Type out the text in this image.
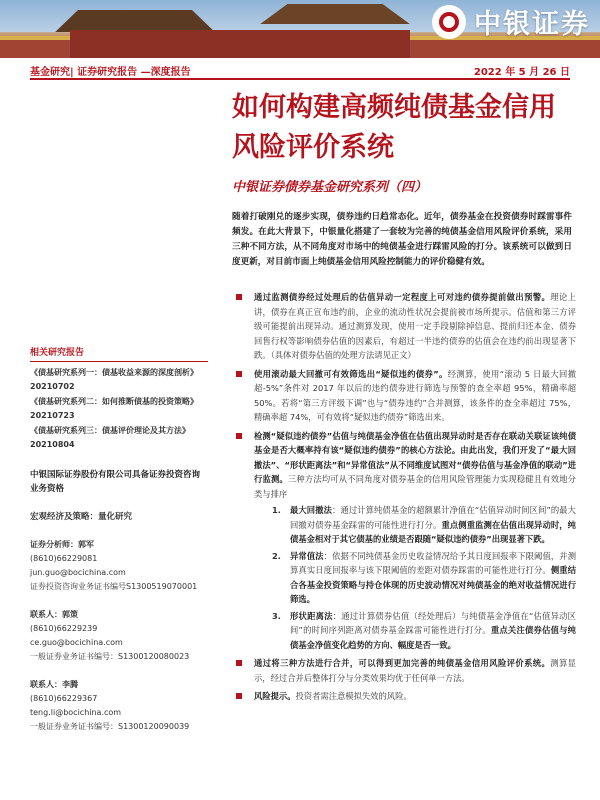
中银证券
基金研究| 证券研究报告 —深度报告	2022 年 5 月 26 日
如何构建高频纯债基金信用风险评价系统
中银证券债券基金研究系列（四）
随着打破刚兑的逐步实现，债券违约日趋常态化。近年，债券基金在投资债券时踩雷事件频发。在此大背景下，中银量化搭建了一套较为完善的纯债基金信用风险评价系统，采用三种不同方法，从不同角度对市场中的纯债基金进行踩雷风险的打分。该系统可以做到日度更新，对目前市面上纯债基金信用风险控制能力的评价稳健有效。
相关研究报告
《债基研究系列一：债基收益来源的深度剖析》20210702
《债基研究系列二：如何推断债基的投资策略》20210723
《债基研究系列三：债基评价理论及其方法》20210804
中银国际证券股份有限公司具备证券投资咨询业务资格
宏观经济及策略：量化研究
证券分析师：郭军
(8610)66229081
jun.guo@bocichina.com
证券投资咨询业务证书编号S1300519070001
联系人：郭策
(8610)66229239
ce.guo@bocichina.com
一般证券业务证书编号：S1300120080023
联系人：李腾
(8610)66229367
teng.li@bocichina.com
一般证券业务证书编号：S1300120090039
通过监测债券经过处理后的估值异动一定程度上可对违约债券提前做出预警。理论上讲，债券在真正宣布违约前，企业的流动性状况会提前被市场所提示。估值和第三方评级可能提前出现异动。通过测算发现，使用一定手段剔除掉信息、提前归还本金、债券回售行权等影响债券估值的因素后，有超过一半违约债券的估值会在违约前出现显著下跌。（具体对债券估值的处理方法请见正文）
使用滚动最大回撤可有效筛选出“疑似违约债券”。经测算，使用“滚动 5 日最大回撤超-5%”条件对 2017 年以后的违约债券进行筛选与预警的查全率超 95%，精确率超 50%。若将“第三方评级下调”也与“债券违约”合并测算，该条件的查全率超过 75%，精确率超 74%，可有效将“疑似违约债券”筛选出来。
检测“疑似违约债券”估值与纯债基金净值在估值出现异动时是否存在联动关联证该纯债基金是否大概率持有该“疑似违约债券”的核心方法论。由此出发，我们开发了“最大回撤法”、“形状距离法”和“异常值法”从不同维度试图对“债券估值与基金净值的联动”进行监测。三种方法均可从不同角度对债券基金的信用风险管理能力实现稳健且有效地分类与排序
1. 最大回撤法：通过计算纯债基金的超额累计净值在“估值异动时间区间”的最大回撤对债券基金踩雷的可能性进行打分。重点侧重监测在估值出现异动时，纯债基金相对于其它债基的业绩是否跟随“疑似违约债券”出现显著下跌。
2. 异常值法：依据不同纯债基金历史收益情况给予其日度回报率下限阈值，并测算真实日度回报率与该下限阈值的差距对债券踩雷的可能性进行打分。侧重结合各基金投资策略与持仓体现的历史波动情况对纯债基金的绝对收益情况进行筛选。
3. 形状距离法：通过计算债券估值（经处理后）与纯债基金净值在“估值异动区间”的时间序列距离对债券基金踩雷可能性进行打分。重点关注债券估值与纯债基金净值变化趋势的方向、幅度是否一致。
通过将三种方法进行合并，可以得到更加完善的纯债基金信用风险评价系统。测算显示，经过合并后整体打分与分类效果均优于任何单一方法。
风险提示。投资者需注意模拟失效的风险。
